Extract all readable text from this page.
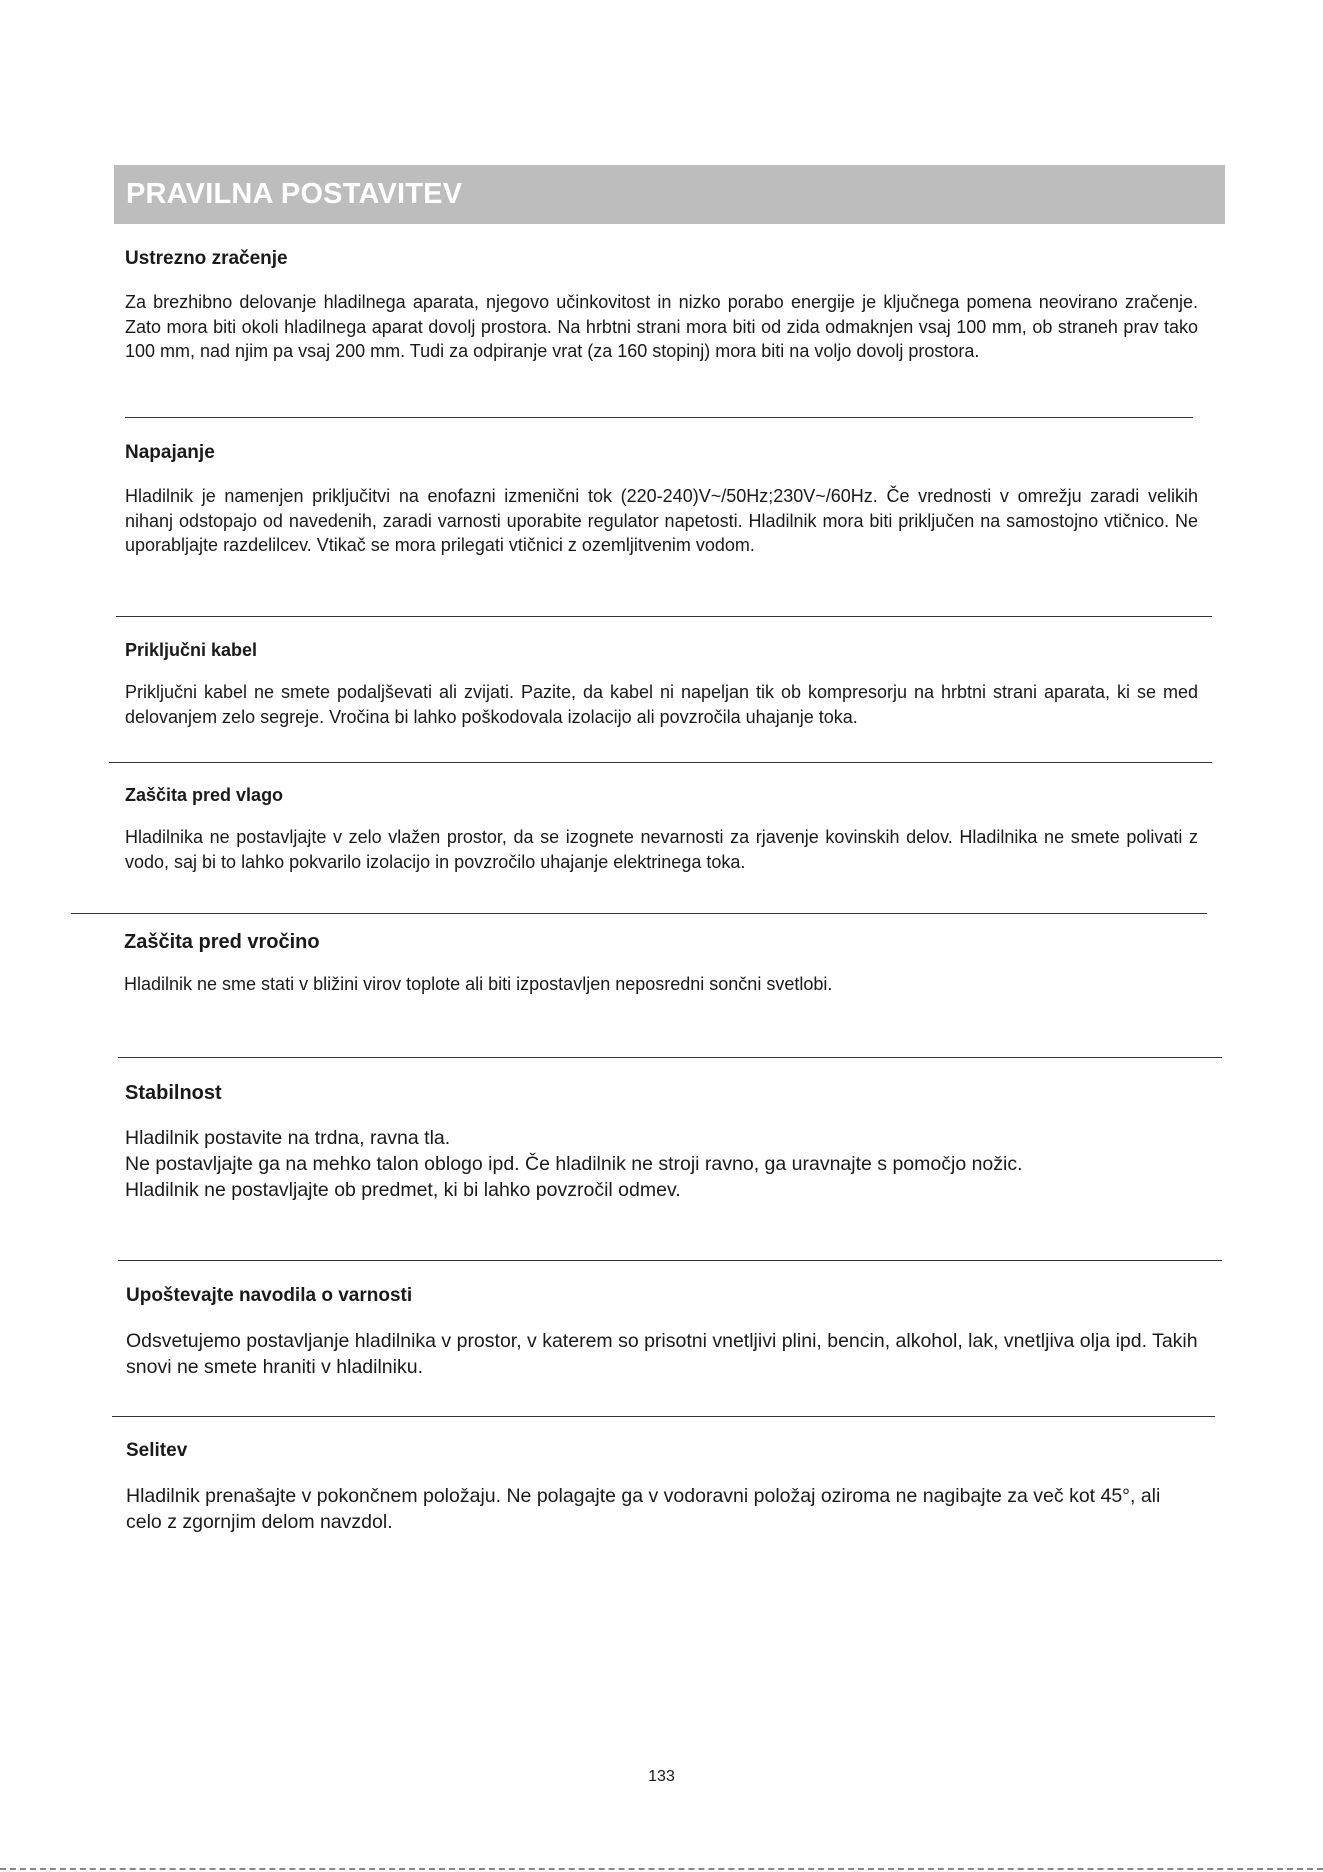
PRAVILNA POSTAVITEV
Ustrezno zračenje

Za brezhibno delovanje hladilnega aparata, njegovo učinkovitost in nizko porabo energije je ključnega pomena neovirano zračenje. Zato mora biti okoli hladilnega aparat dovolj prostora. Na hrbtni strani mora biti od zida odmaknjen vsaj 100 mm, ob straneh prav tako 100 mm, nad njim pa vsaj 200 mm. Tudi za odpiranje vrat (za 160 stopinj) mora biti na voljo dovolj prostora.

Napajanje

Hladilnik je namenjen priključitvi na enofazni izmenični tok (220-240)V~/50Hz;230V~/60Hz. Če vrednosti v omrežju zaradi velikih nihanj odstopajo od navedenih, zaradi varnosti uporabite regulator napetosti. Hladilnik mora biti priključen na samostojno vtičnico. Ne uporabljajte razdelilcev. Vtikač se mora prilegati vtičnici z ozemljitvenim vodom.

Priključni kabel

Priključni kabel ne smete podaljševati ali zvijati. Pazite, da kabel ni napeljan tik ob kompresorju na hrbtni strani aparata, ki se med delovanjem zelo segreje. Vročina bi lahko poškodovala izolacijo ali povzročila uhajanje toka.

Zaščita pred vlago

Hladilnika ne postavljajte v zelo vlažen prostor, da se izognete nevarnosti za rjavenje kovinskih delov. Hladilnika ne smete polivati z vodo, saj bi to lahko pokvarilo izolacijo in povzročilo uhajanje elektrinega toka.

Zaščita pred vročino

Hladilnik ne sme stati v bližini virov toplote ali biti izpostavljen neposredni sončni svetlobi.

Stabilnost

Hladilnik postavite na trdna, ravna tla.

Ne postavljajte ga na mehko talon oblogo ipd. Če hladilnik ne stroji ravno, ga uravnajte s pomočjo nožic.

Hladilnik ne postavljajte ob predmet, ki bi lahko povzročil odmev.

Upoštevajte navodila o varnosti

Odsvetujemo postavljanje hladilnika v prostor, v katerem so prisotni vnetljivi plini, bencin, alkohol, lak, vnetljiva olja ipd. Takih snovi ne smete hraniti v hladilniku.

Selitev

Hladilnik prenašajte v pokončnem položaju. Ne polagajte ga v vodoravni položaj oziroma ne nagibajte za več kot 45°, ali celo z zgornjim delom navzdol.

133
